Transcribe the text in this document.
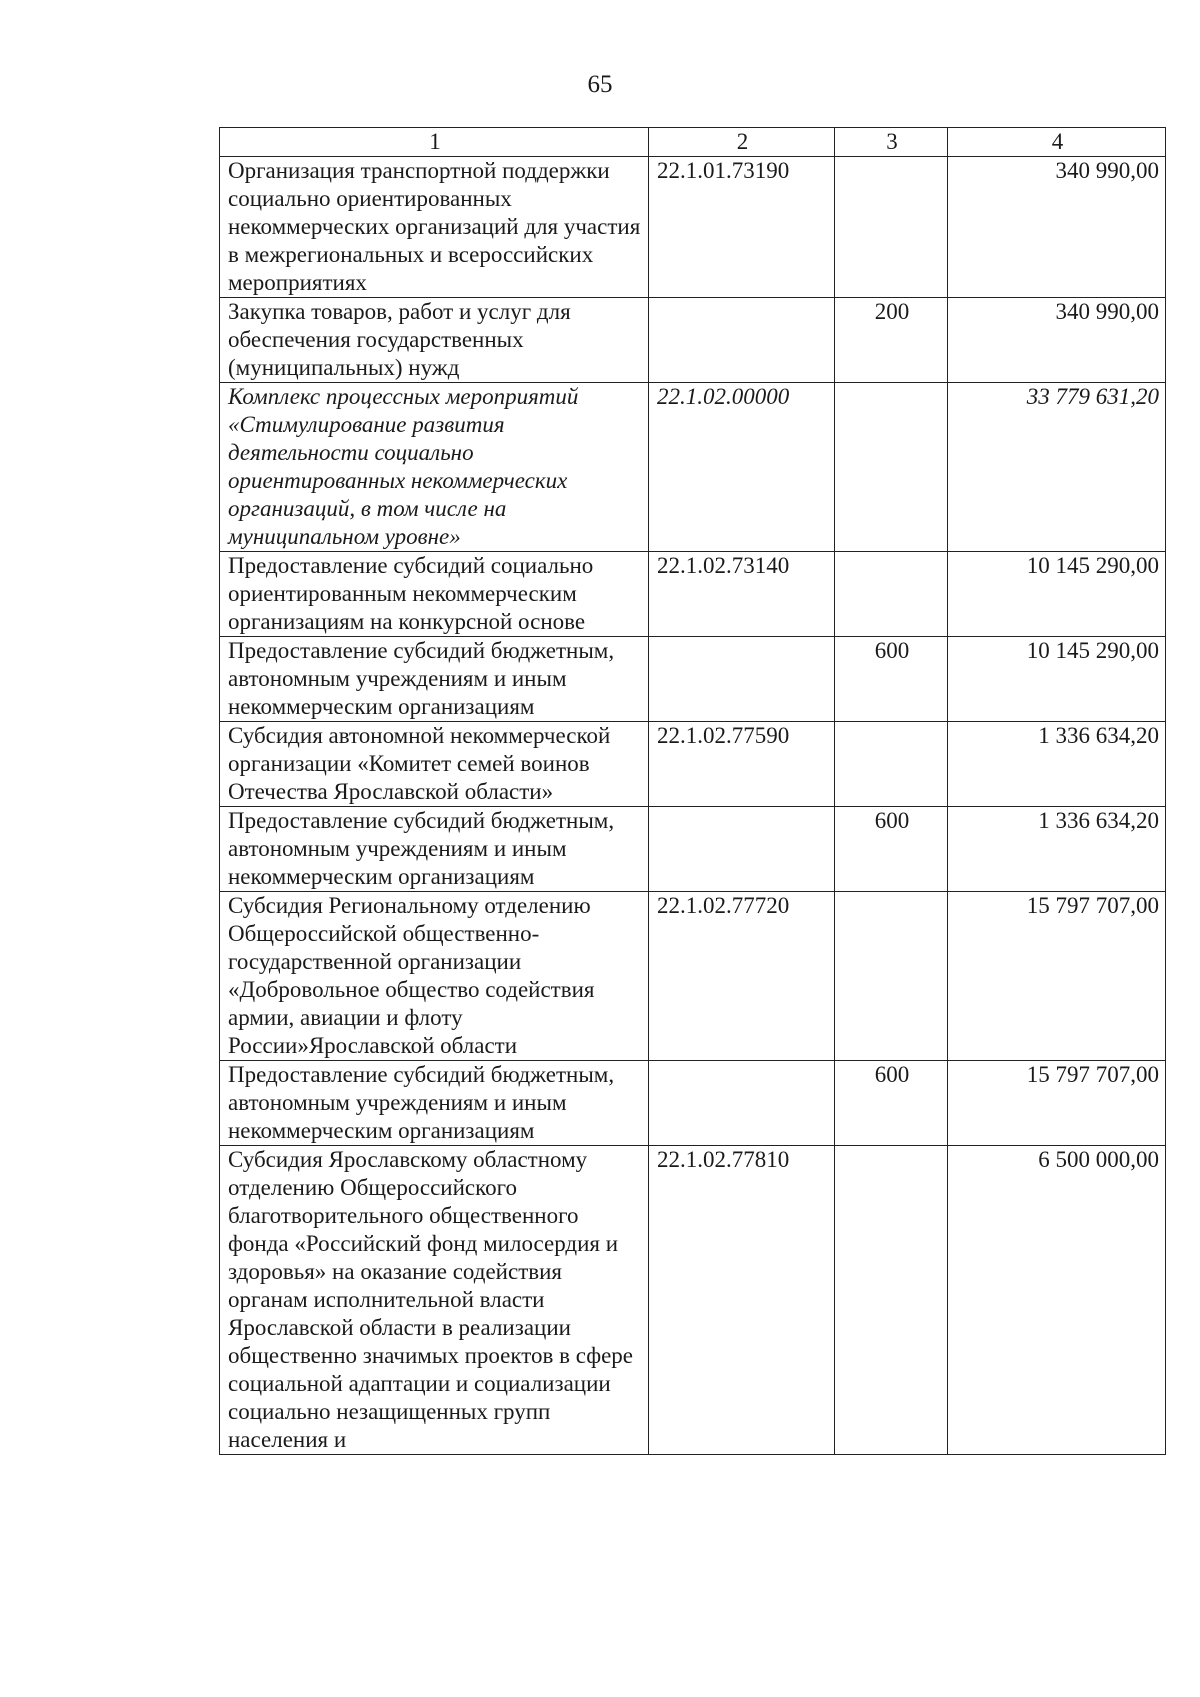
65
1	2	3	4
Организация транспортной поддержки социально ориентированных некоммерческих организаций для участия в межрегиональных и всероссийских мероприятиях	22.1.01.73190		340 990,00
Закупка товаров, работ и услуг для обеспечения государственных (муниципальных) нужд		200	340 990,00
Комплекс процессных мероприятий «Стимулирование развития деятельности социально ориентированных некоммерческих организаций, в том числе на муниципальном уровне»	22.1.02.00000		33 779 631,20
Предоставление субсидий социально ориентированным некоммерческим организациям на конкурсной основе	22.1.02.73140		10 145 290,00
Предоставление субсидий бюджетным, автономным учреждениям и иным некоммерческим организациям		600	10 145 290,00
Субсидия автономной некоммерческой организации «Комитет семей воинов Отечества Ярославской области»	22.1.02.77590		1 336 634,20
Предоставление субсидий бюджетным, автономным учреждениям и иным некоммерческим организациям		600	1 336 634,20
Субсидия Региональному отделению Общероссийской общественно-государственной организации «Добровольное общество содействия армии, авиации и флоту России»Ярославской области	22.1.02.77720		15 797 707,00
Предоставление субсидий бюджетным, автономным учреждениям и иным некоммерческим организациям		600	15 797 707,00
Субсидия Ярославскому областному отделению Общероссийского благотворительного общественного фонда «Российский фонд милосердия и здоровья» на оказание содействия органам исполнительной власти Ярославской области в реализации общественно значимых проектов в сфере социальной адаптации и социализации социально незащищенных групп населения и	22.1.02.77810		6 500 000,00
